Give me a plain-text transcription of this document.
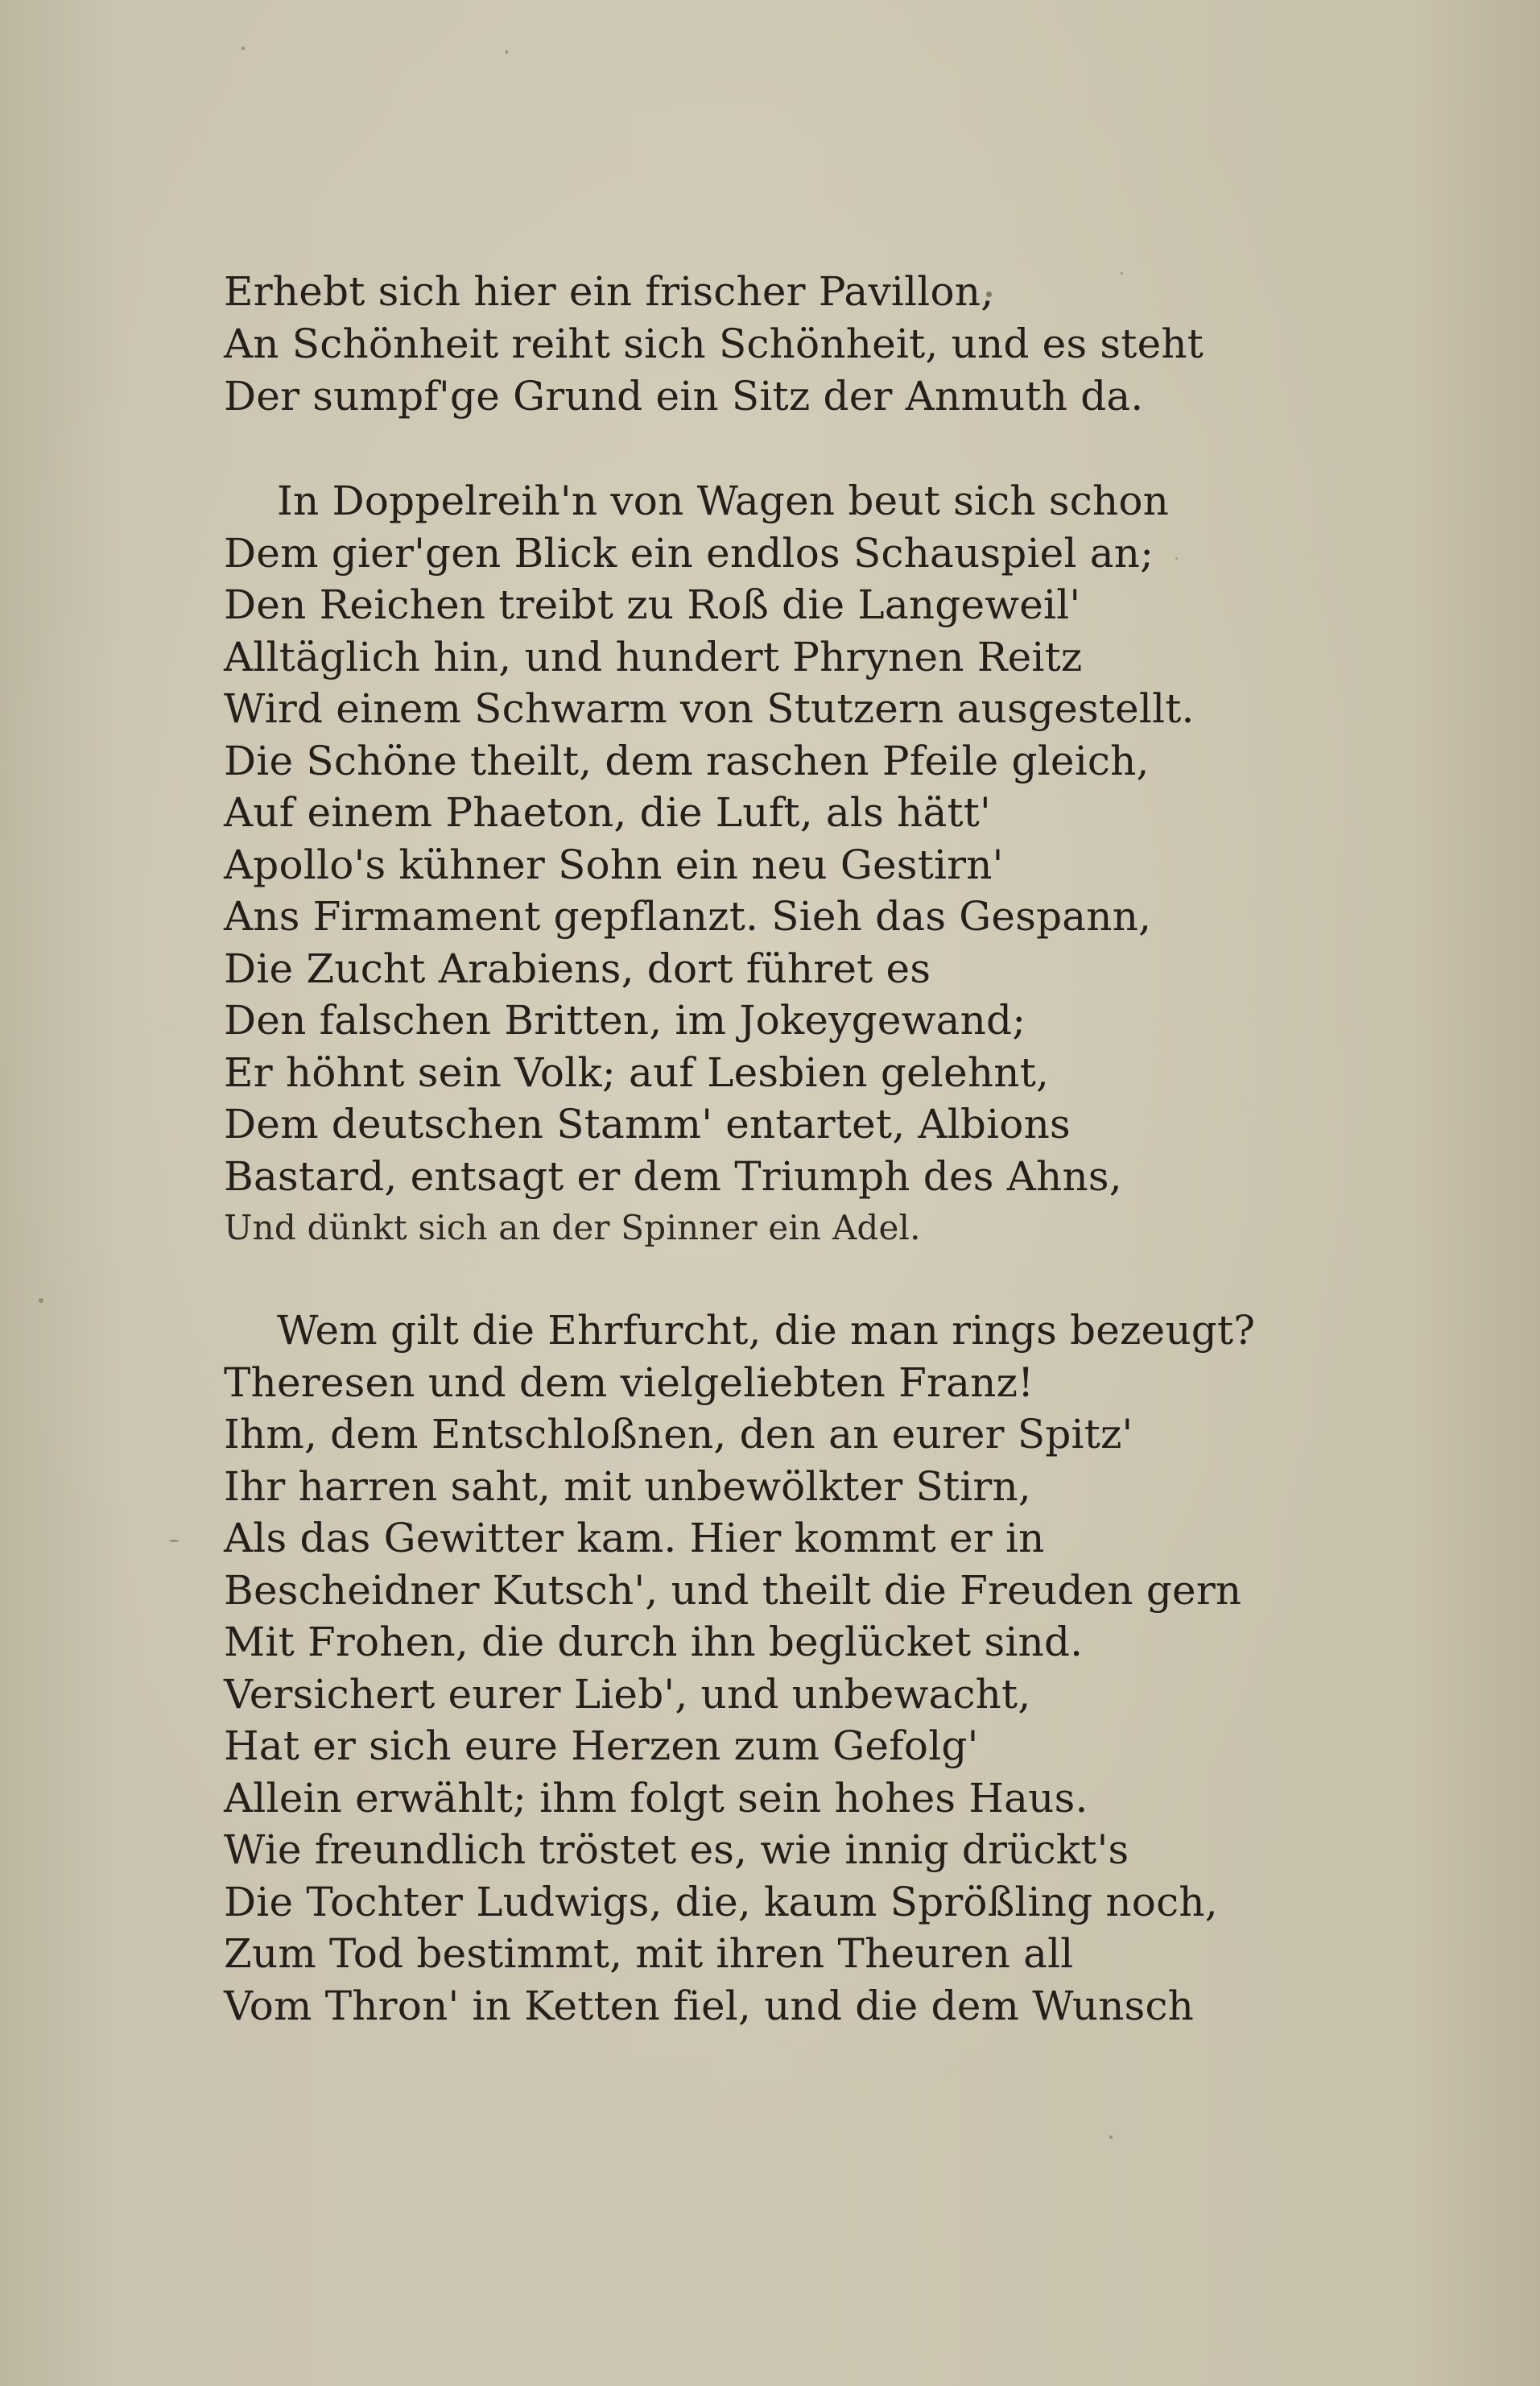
Erhebt sich hier ein frischer Pavillon,
An Schönheit reiht sich Schönheit, und es steht
Der sumpf'ge Grund ein Sitz der Anmuth da.
In Doppelreih'n von Wagen beut sich schon
Dem gier'gen Blick ein endlos Schauspiel an;
Den Reichen treibt zu Roß die Langeweil'
Alltäglich hin, und hundert Phrynen Reitz
Wird einem Schwarm von Stutzern ausgestellt.
Die Schöne theilt, dem raschen Pfeile gleich,
Auf einem Phaeton, die Luft, als hätt'
Apollo's kühner Sohn ein neu Gestirn'
Ans Firmament gepflanzt. Sieh das Gespann,
Die Zucht Arabiens, dort führet es
Den falschen Britten, im Jokeygewand;
Er höhnt sein Volk; auf Lesbien gelehnt,
Dem deutschen Stamm' entartet, Albions
Bastard, entsagt er dem Triumph des Ahns,
Und dünkt sich an der Spinner ein Adel.
Wem gilt die Ehrfurcht, die man rings bezeugt?
Theresen und dem vielgeliebten Franz!
Ihm, dem Entschloßnen, den an eurer Spitz'
Ihr harren saht, mit unbewölkter Stirn,
Als das Gewitter kam. Hier kommt er in
Bescheidner Kutsch', und theilt die Freuden gern
Mit Frohen, die durch ihn beglücket sind.
Versichert eurer Lieb', und unbewacht,
Hat er sich eure Herzen zum Gefolg'
Allein erwählt; ihm folgt sein hohes Haus.
Wie freundlich tröstet es, wie innig drückt's
Die Tochter Ludwigs, die, kaum Sprößling noch,
Zum Tod bestimmt, mit ihren Theuren all
Vom Thron' in Ketten fiel, und die dem Wunsch
